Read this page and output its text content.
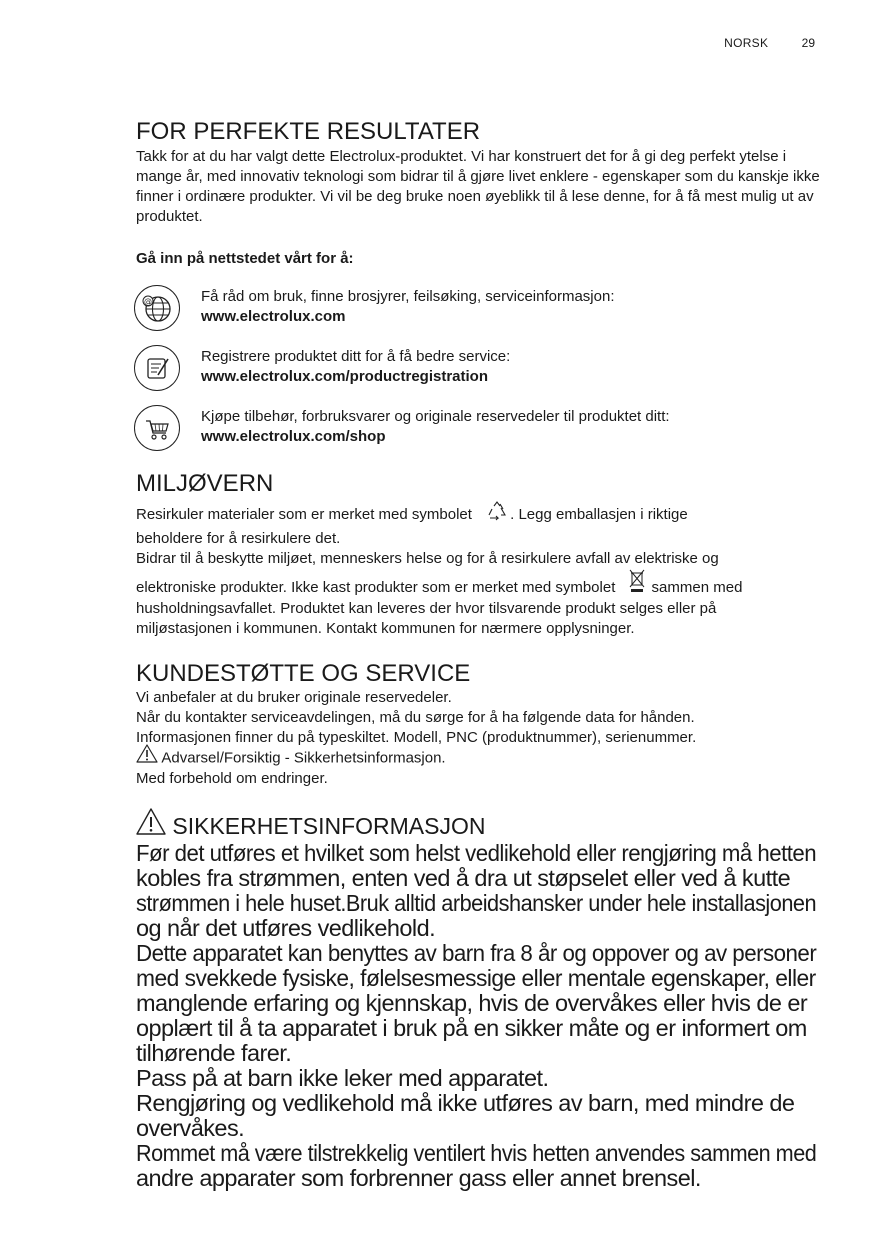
NORSK	29
FOR PERFEKTE RESULTATER

Takk for at du har valgt dette Electrolux-produktet. Vi har konstruert det for å gi deg perfekt ytelse i mange år, med innovativ teknologi som bidrar til å gjøre livet enklere - egenskaper som du kanskje ikke finner i ordinære produkter. Vi vil be deg bruke noen øyeblikk til å lese denne, for å få mest mulig ut av produktet.

Gå inn på nettstedet vårt for å:

@	Få råd om bruk, finne brosjyrer, feilsøking, serviceinformasjon:

www.electrolux.com

Registrere produktet ditt for å få bedre service:

www.electrolux.com/productregistration

Kjøpe tilbehør, forbruksvarer og originale reservedeler til produktet ditt:

www.electrolux.com/shop

MILJØVERN

Resirkuler materialer som er merket med symbolet	. Legg emballasjen i riktige

beholdere for å resirkulere det.

Bidrar til å beskytte miljøet, menneskers helse og for å resirkulere avfall av elektriske og

elektroniske produkter. Ikke kast produkter som er merket med symbolet sammen med

husholdningsavfallet. Produktet kan leveres der hvor tilsvarende produkt selges eller på

miljøstasjonen i kommunen. Kontakt kommunen for nærmere opplysninger.

KUNDESTØTTE OG SERVICE

Vi anbefaler at du bruker originale reservedeler.

Når du kontakter serviceavdelingen, må du sørge for å ha følgende data for hånden.

Informasjonen finner du på typeskiltet. Modell, PNC (produktnummer), serienummer.

Advarsel/Forsiktig - Sikkerhetsinformasjon.

Med forbehold om endringer.

SIKKERHETSINFORMASJON

Før det utføres et hvilket som helst vedlikehold eller rengjøring må hetten

kobles fra strømmen, enten ved å dra ut støpselet eller ved å kutte

strømmen i hele huset.Bruk alltid arbeidshansker under hele installasjonen

og når det utføres vedlikehold.

Dette apparatet kan benyttes av barn fra 8 år og oppover og av personer

med svekkede fysiske, følelsesmessige eller mentale egenskaper, eller

manglende erfaring og kjennskap, hvis de overvåkes eller hvis de er

opplært til å ta apparatet i bruk på en sikker måte og er informert om

tilhørende farer.

Pass på at barn ikke leker med apparatet.

Rengjøring og vedlikehold må ikke utføres av barn, med mindre de

overvåkes.

Rommet må være tilstrekkelig ventilert hvis hetten anvendes sammen med

andre apparater som forbrenner gass eller annet brensel.
